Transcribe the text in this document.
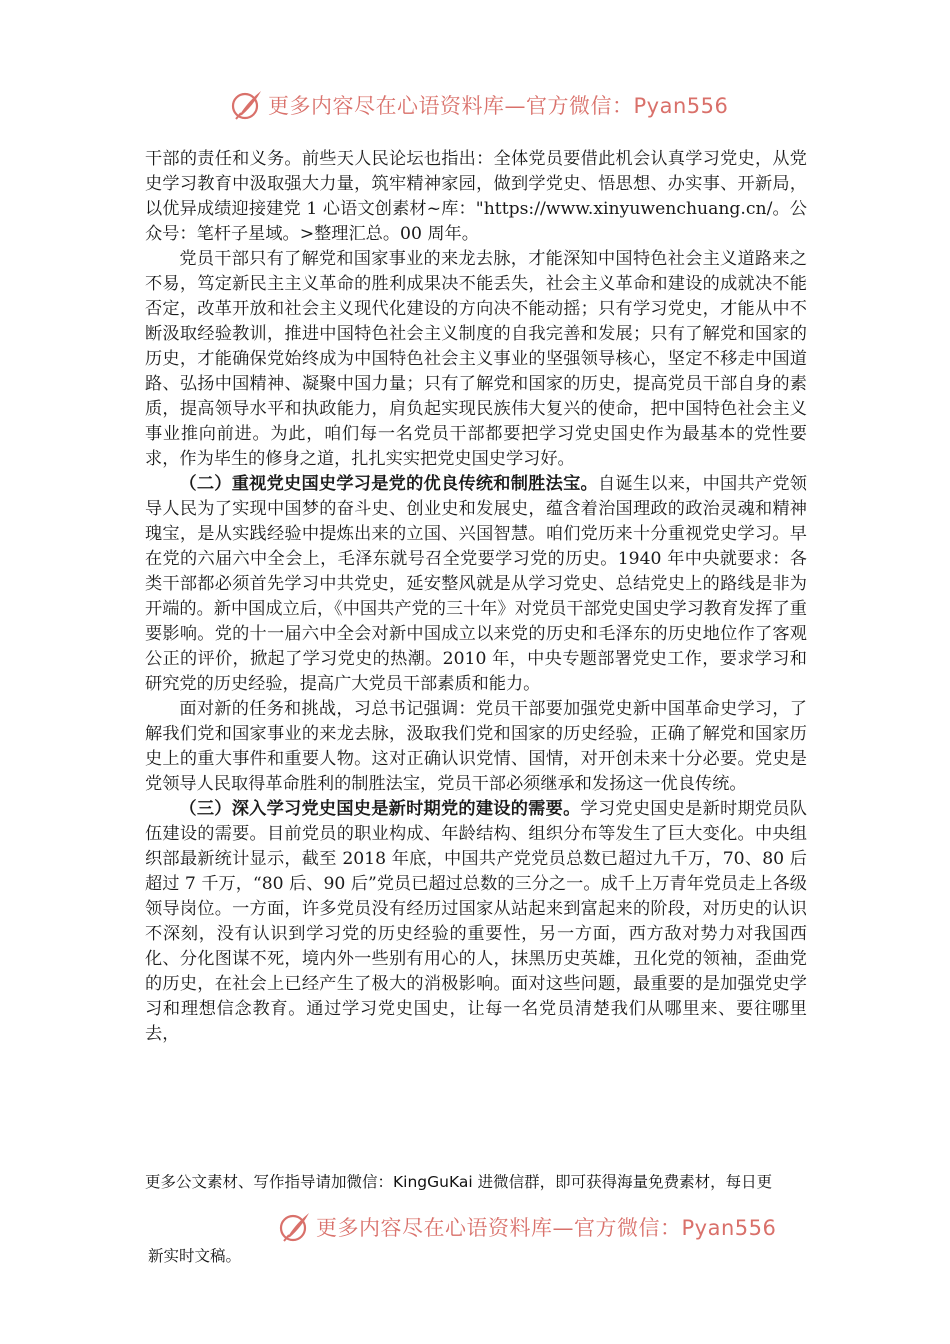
更多内容尽在心语资料库—官方微信：Pyan556

干部的责任和义务。前些天人民论坛也指出：全体党员要借此机会认真学习党史，从党史学习教育中汲取强大力量，筑牢精神家园，做到学党史、悟思想、办实事、开新局，以优异成绩迎接建党 1 心语文创素材~库："https://www.xinyuwenchuang.cn/。公众号：笔杆子星域。>整理汇总。00 周年。

党员干部只有了解党和国家事业的来龙去脉，才能深知中国特色社会主义道路来之不易，笃定新民主主义革命的胜利成果决不能丢失，社会主义革命和建设的成就决不能否定，改革开放和社会主义现代化建设的方向决不能动摇；只有学习党史，才能从中不断汲取经验教训，推进中国特色社会主义制度的自我完善和发展；只有了解党和国家的历史，才能确保党始终成为中国特色社会主义事业的坚强领导核心，坚定不移走中国道路、弘扬中国精神、凝聚中国力量；只有了解党和国家的历史，提高党员干部自身的素质，提高领导水平和执政能力，肩负起实现民族伟大复兴的使命，把中国特色社会主义事业推向前进。为此，咱们每一名党员干部都要把学习党史国史作为最基本的党性要求，作为毕生的修身之道，扎扎实实把党史国史学习好。

（二）重视党史国史学习是党的优良传统和制胜法宝。自诞生以来，中国共产党领导人民为了实现中国梦的奋斗史、创业史和发展史，蕴含着治国理政的政治灵魂和精神瑰宝，是从实践经验中提炼出来的立国、兴国智慧。咱们党历来十分重视党史学习。早在党的六届六中全会上，毛泽东就号召全党要学习党的历史。1940 年中央就要求：各类干部都必须首先学习中共党史，延安整风就是从学习党史、总结党史上的路线是非为开端的。新中国成立后，《中国共产党的三十年》对党员干部党史国史学习教育发挥了重要影响。党的十一届六中全会对新中国成立以来党的历史和毛泽东的历史地位作了客观公正的评价，掀起了学习党史的热潮。2010 年，中央专题部署党史工作，要求学习和研究党的历史经验，提高广大党员干部素质和能力。

面对新的任务和挑战，习总书记强调：党员干部要加强党史新中国革命史学习，了解我们党和国家事业的来龙去脉，汲取我们党和国家的历史经验，正确了解党和国家历史上的重大事件和重要人物。这对正确认识党情、国情，对开创未来十分必要。党史是党领导人民取得革命胜利的制胜法宝，党员干部必须继承和发扬这一优良传统。

（三）深入学习党史国史是新时期党的建设的需要。学习党史国史是新时期党员队伍建设的需要。目前党员的职业构成、年龄结构、组织分布等发生了巨大变化。中央组织部最新统计显示，截至 2018 年底，中国共产党党员总数已超过九千万，70、80 后超过 7 千万，“80 后、90 后”党员已超过总数的三分之一。成千上万青年党员走上各级领导岗位。一方面，许多党员没有经历过国家从站起来到富起来的阶段，对历史的认识不深刻，没有认识到学习党的历史经验的重要性，另一方面，西方敌对势力对我国西化、分化图谋不死，境内外一些别有用心的人，抹黑历史英雄，丑化党的领袖，歪曲党的历史，在社会上已经产生了极大的消极影响。面对这些问题，最重要的是加强党史学习和理想信念教育。通过学习党史国史，让每一名党员清楚我们从哪里来、要往哪里去，

更多公文素材、写作指导请加微信：KingGuKai 进微信群，即可获得海量免费素材，每日更
更多内容尽在心语资料库—官方微信：Pyan556
新实时文稿。
